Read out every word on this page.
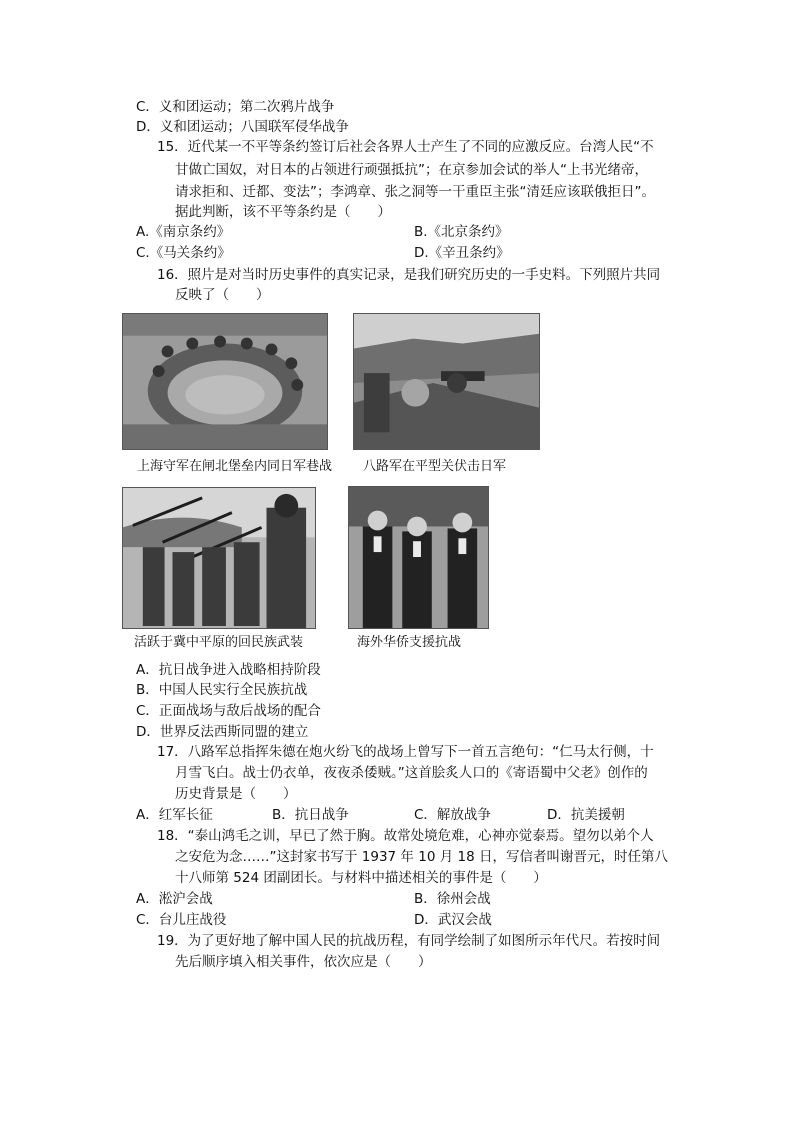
C．义和团运动；第二次鸦片战争
D．义和团运动；八国联军侵华战争
15．近代某一不平等条约签订后社会各界人士产生了不同的应激反应。台湾人民“不
甘做亡国奴，对日本的占领进行顽强抵抗”；在京参加会试的举人“上书光绪帝，
请求拒和、迁都、变法”；李鸿章、张之洞等一干重臣主张“清廷应该联俄拒日”。
据此判断，该不平等条约是（　　）
A.《南京条约》	B.《北京条约》
C.《马关条约》	D.《辛丑条约》
16．照片是对当时历史事件的真实记录，是我们研究历史的一手史料。下列照片共同
反映了（　　）
上海守军在闸北堡垒内同日军巷战 八路军在平型关伏击日军
活跃于冀中平原的回民族武装	海外华侨支援抗战
A．抗日战争进入战略相持阶段
B．中国人民实行全民族抗战
C．正面战场与敌后战场的配合
D．世界反法西斯同盟的建立
17．八路军总指挥朱德在炮火纷飞的战场上曾写下一首五言绝句：“仁马太行侧，十
月雪飞白。战士仍衣单，夜夜杀倭贼。”这首脍炙人口的《寄语蜀中父老》创作的
历史背景是（　　）
A．红军长征	B．抗日战争	C．解放战争	D．抗美援朝
18．“泰山鸿毛之训，早已了然于胸。故常处境危难，心神亦觉泰焉。望勿以弟个人
之安危为念……”这封家书写于 1937 年 10 月 18 日，写信者叫谢晋元，时任第八
十八师第 524 团副团长。与材料中描述相关的事件是（　　）
A．淞沪会战	B．徐州会战
C．台儿庄战役	D．武汉会战
19．为了更好地了解中国人民的抗战历程，有同学绘制了如图所示年代尺。若按时间
先后顺序填入相关事件，依次应是（　　）
